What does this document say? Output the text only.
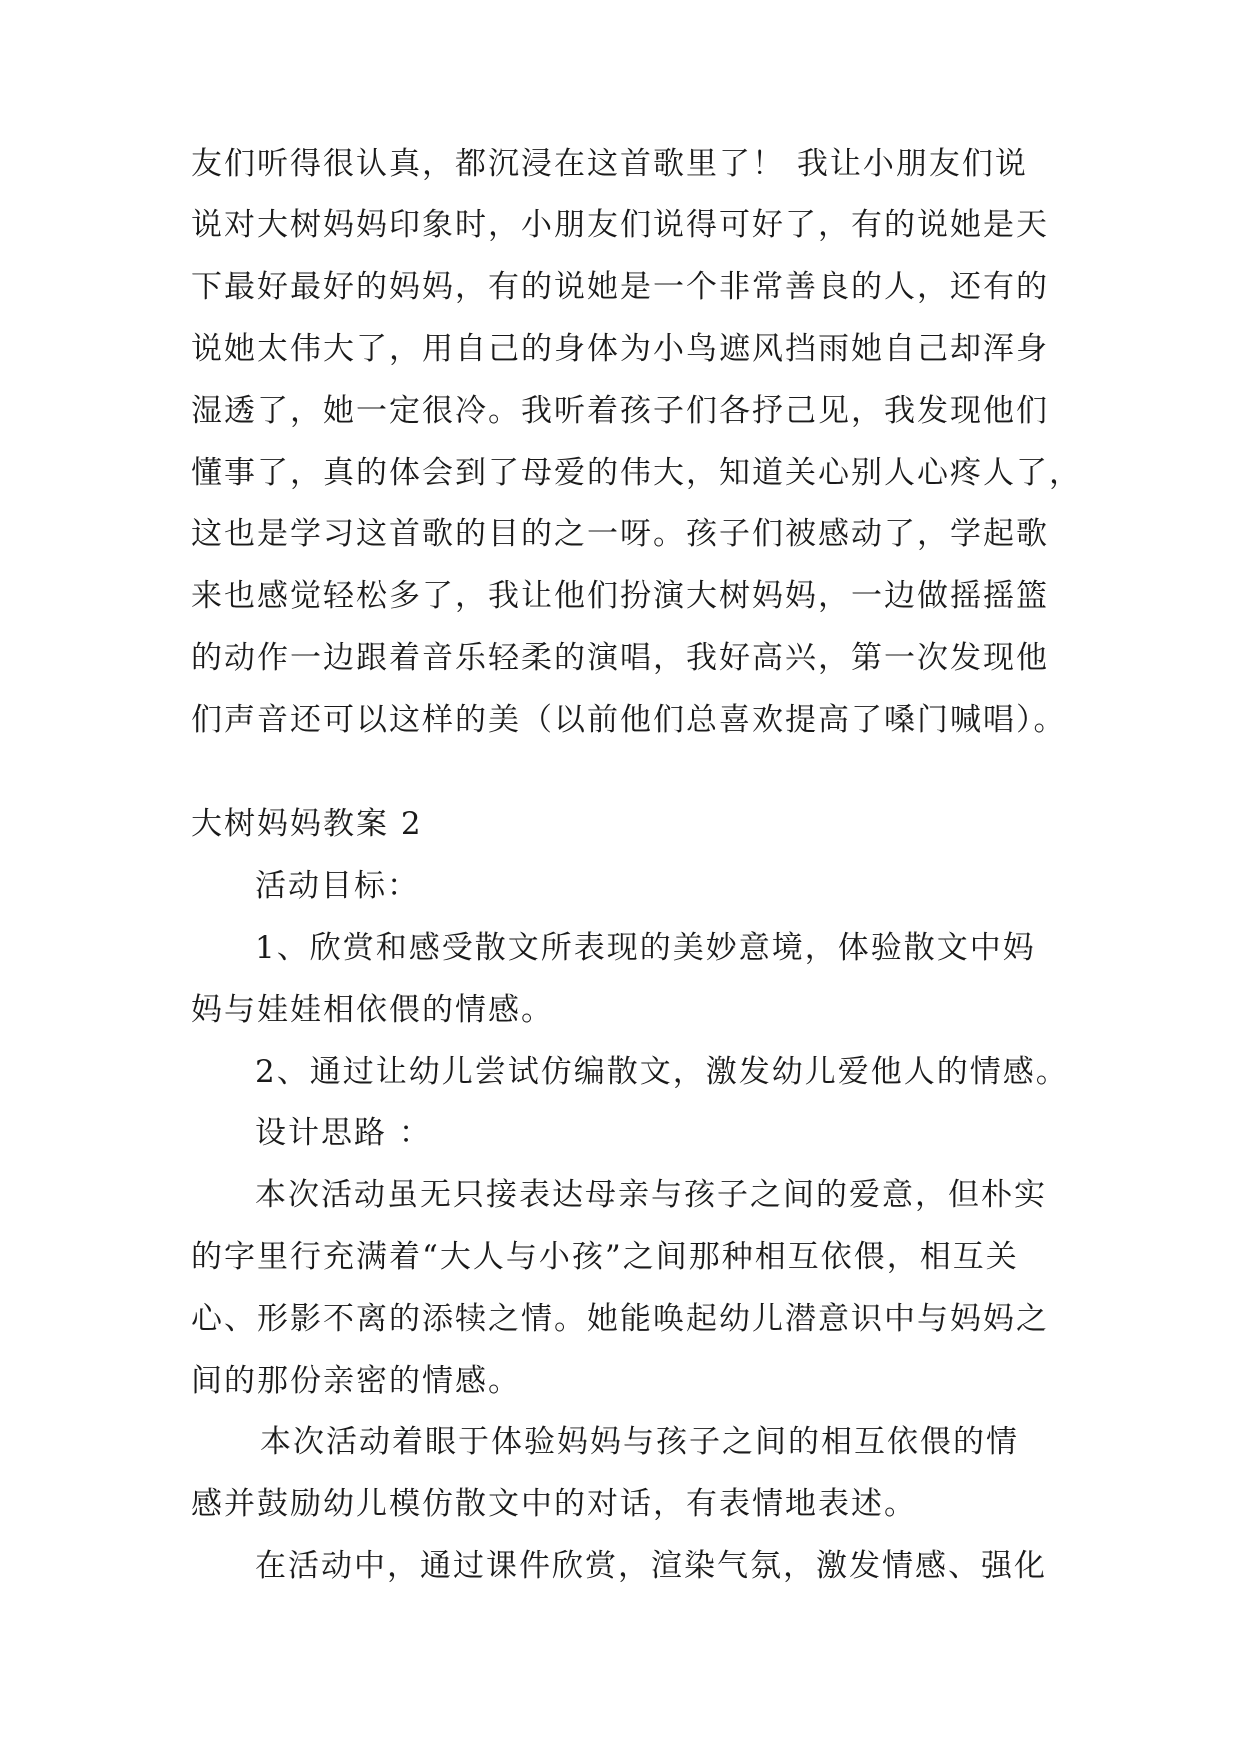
友们听得很认真，都沉浸在这首歌里了！ 我让小朋友们说
说对大树妈妈印象时，小朋友们说得可好了，有的说她是天
下最好最好的妈妈，有的说她是一个非常善良的人，还有的
说她太伟大了，用自己的身体为小鸟遮风挡雨她自己却浑身
湿透了，她一定很冷。我听着孩子们各抒己见，我发现他们
懂事了，真的体会到了母爱的伟大，知道关心别人心疼人了，
这也是学习这首歌的目的之一呀。孩子们被感动了，学起歌
来也感觉轻松多了，我让他们扮演大树妈妈，一边做摇摇篮
的动作一边跟着音乐轻柔的演唱，我好高兴，第一次发现他
们声音还可以这样的美（以前他们总喜欢提高了嗓门喊唱）。
大树妈妈教案 2
活动目标：
1、欣赏和感受散文所表现的美妙意境，体验散文中妈
妈与娃娃相依偎的情感。
2、通过让幼儿尝试仿编散文，激发幼儿爱他人的情感。
设计思路 ：
本次活动虽无只接表达母亲与孩子之间的爱意，但朴实
的字里行充满着“大人与小孩”之间那种相互依偎，相互关
心、形影不离的添犊之情。她能唤起幼儿潜意识中与妈妈之
间的那份亲密的情感。
本次活动着眼于体验妈妈与孩子之间的相互依偎的情
感并鼓励幼儿模仿散文中的对话，有表情地表述。
在活动中，通过课件欣赏，渲染气氛，激发情感、强化
